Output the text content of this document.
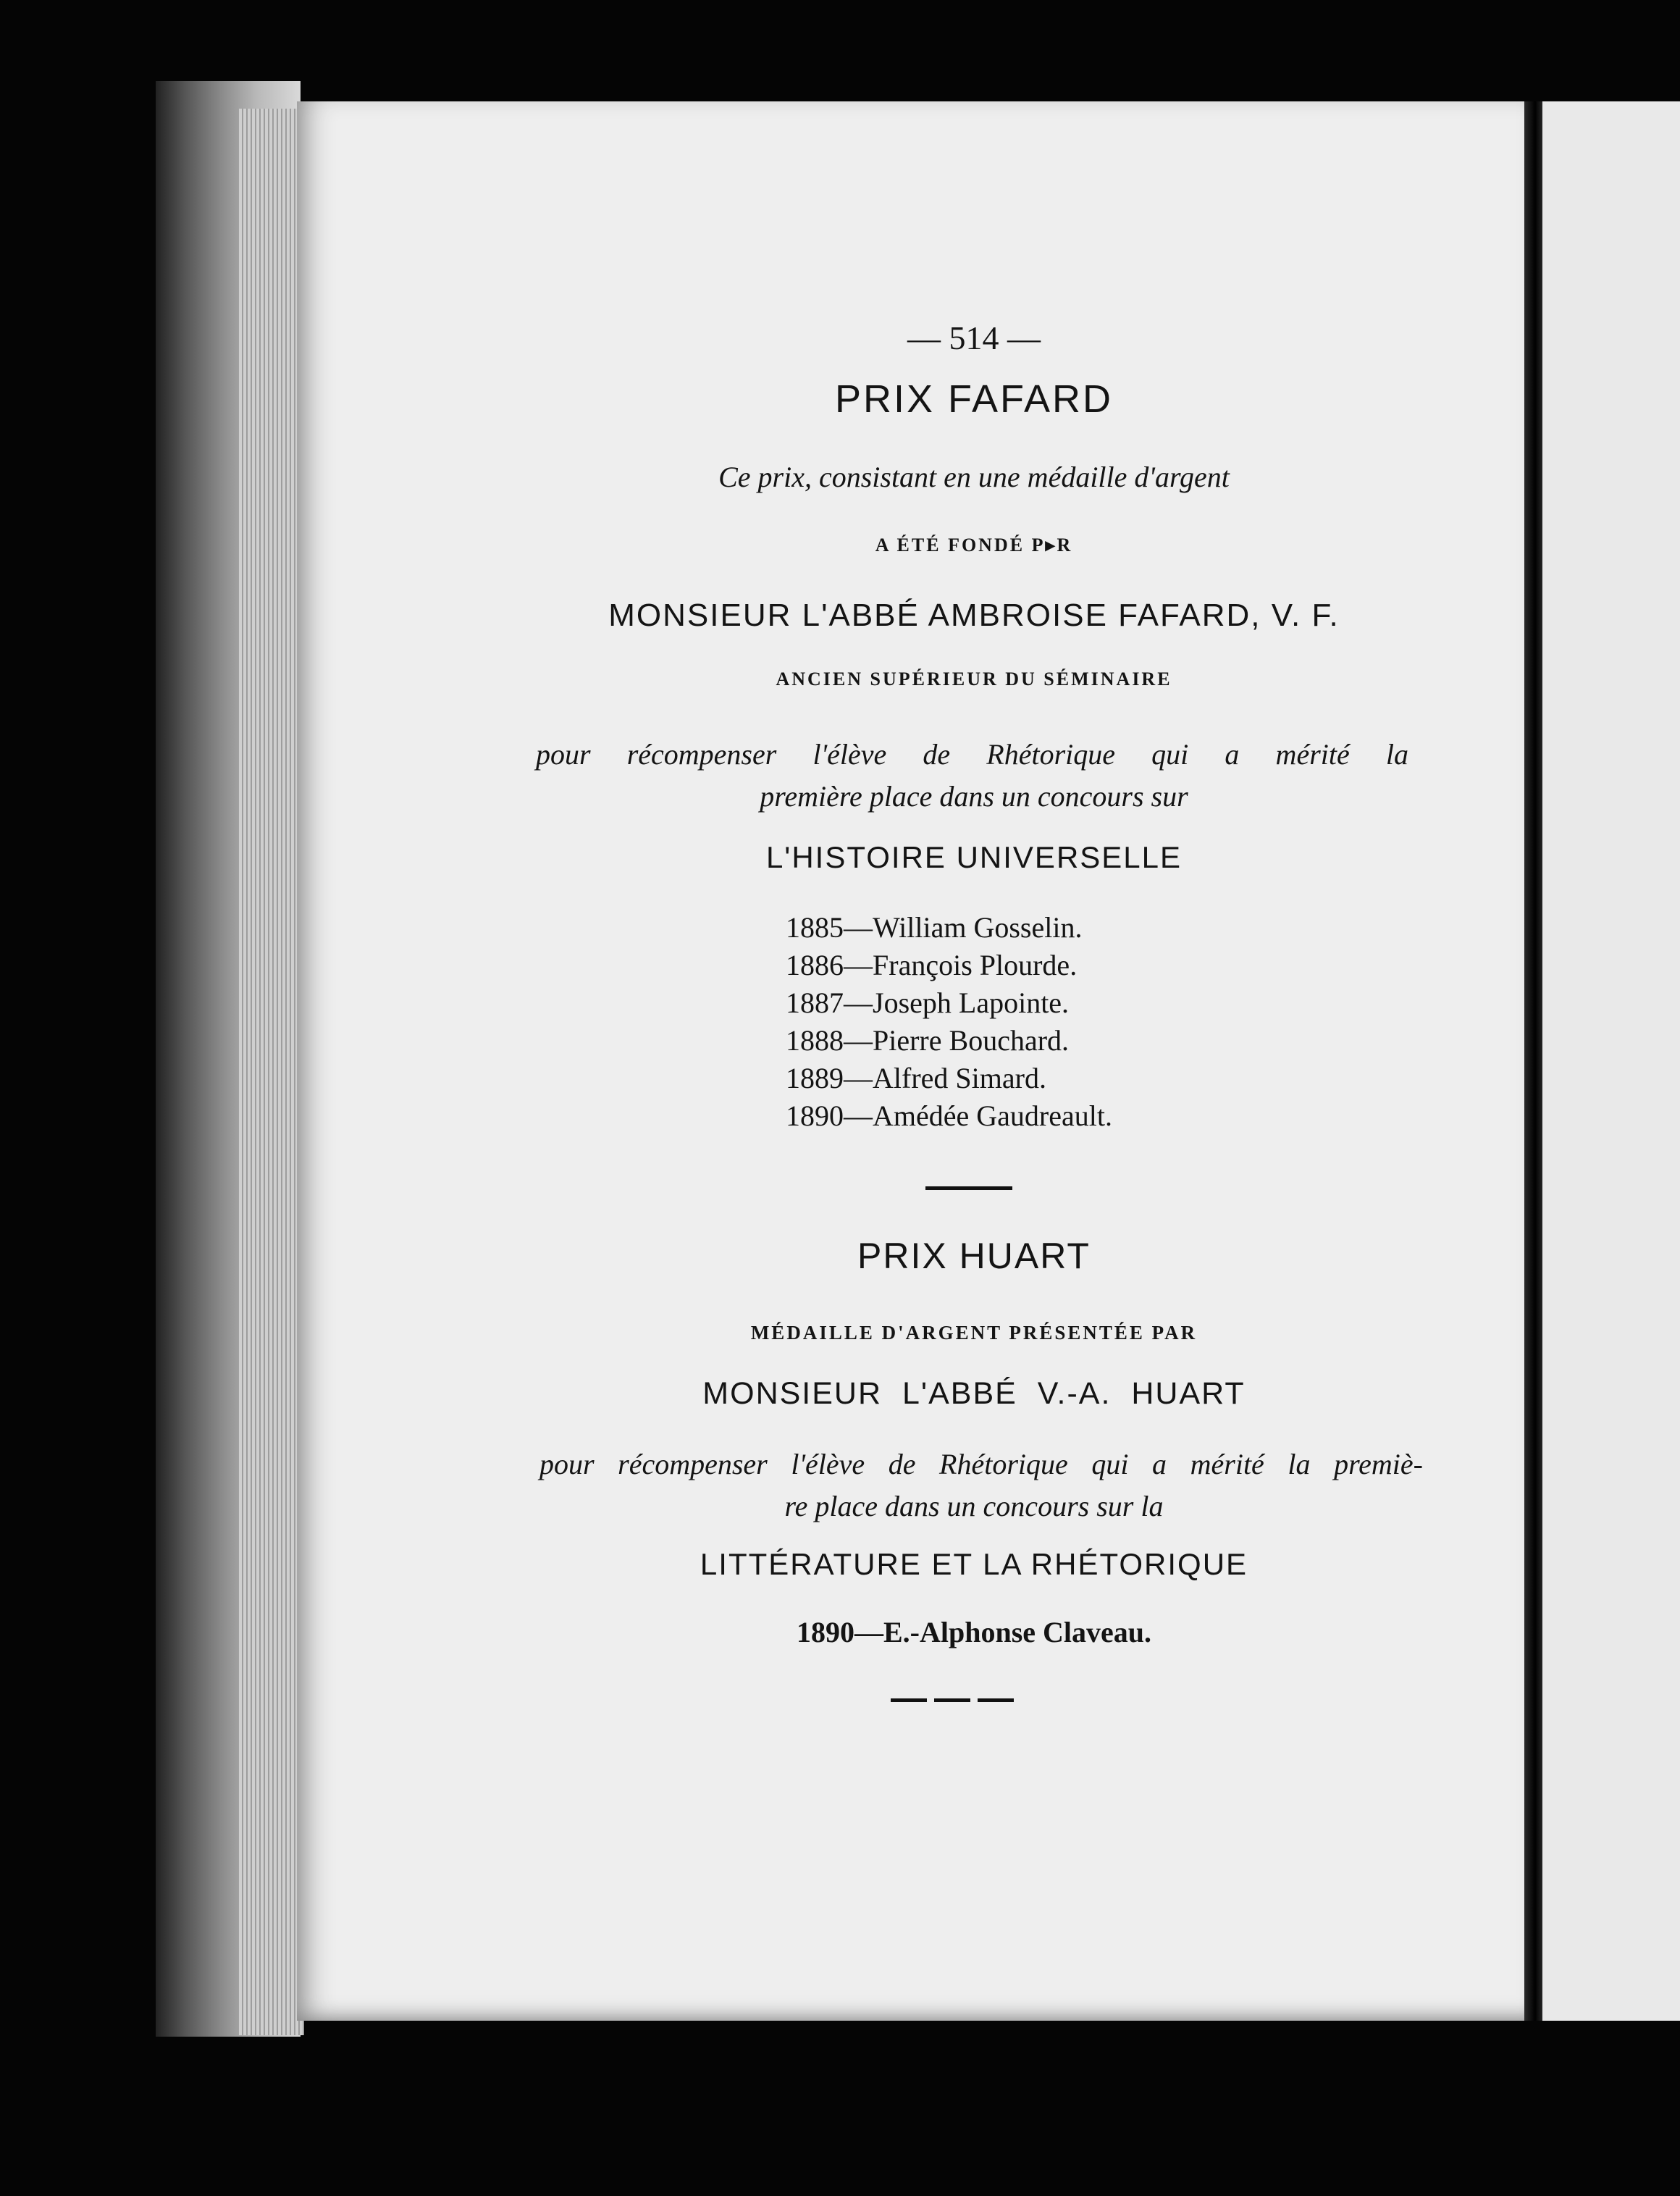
— 514 —
PRIX FAFARD
Ce prix, consistant en une médaille d'argent
A ÉTÉ FONDÉ P▸R
MONSIEUR L'ABBÉ AMBROISE FAFARD, V. F.
ANCIEN SUPÉRIEUR DU SÉMINAIRE
pour récompenser l'élève de Rhétorique qui a mérité la
première place dans un concours sur
L'HISTOIRE UNIVERSELLE
1885—William Gosselin.
1886—François Plourde.
1887—Joseph Lapointe.
1888—Pierre Bouchard.
1889—Alfred Simard.
1890—Amédée Gaudreault.
PRIX HUART
MÉDAILLE D'ARGENT PRÉSENTÉE PAR
MONSIEUR L'ABBÉ V.-A. HUART
pour récompenser l'élève de Rhétorique qui a mérité la premiè-
re place dans un concours sur la
LITTÉRATURE ET LA RHÉTORIQUE
1890—E.-Alphonse Claveau.
